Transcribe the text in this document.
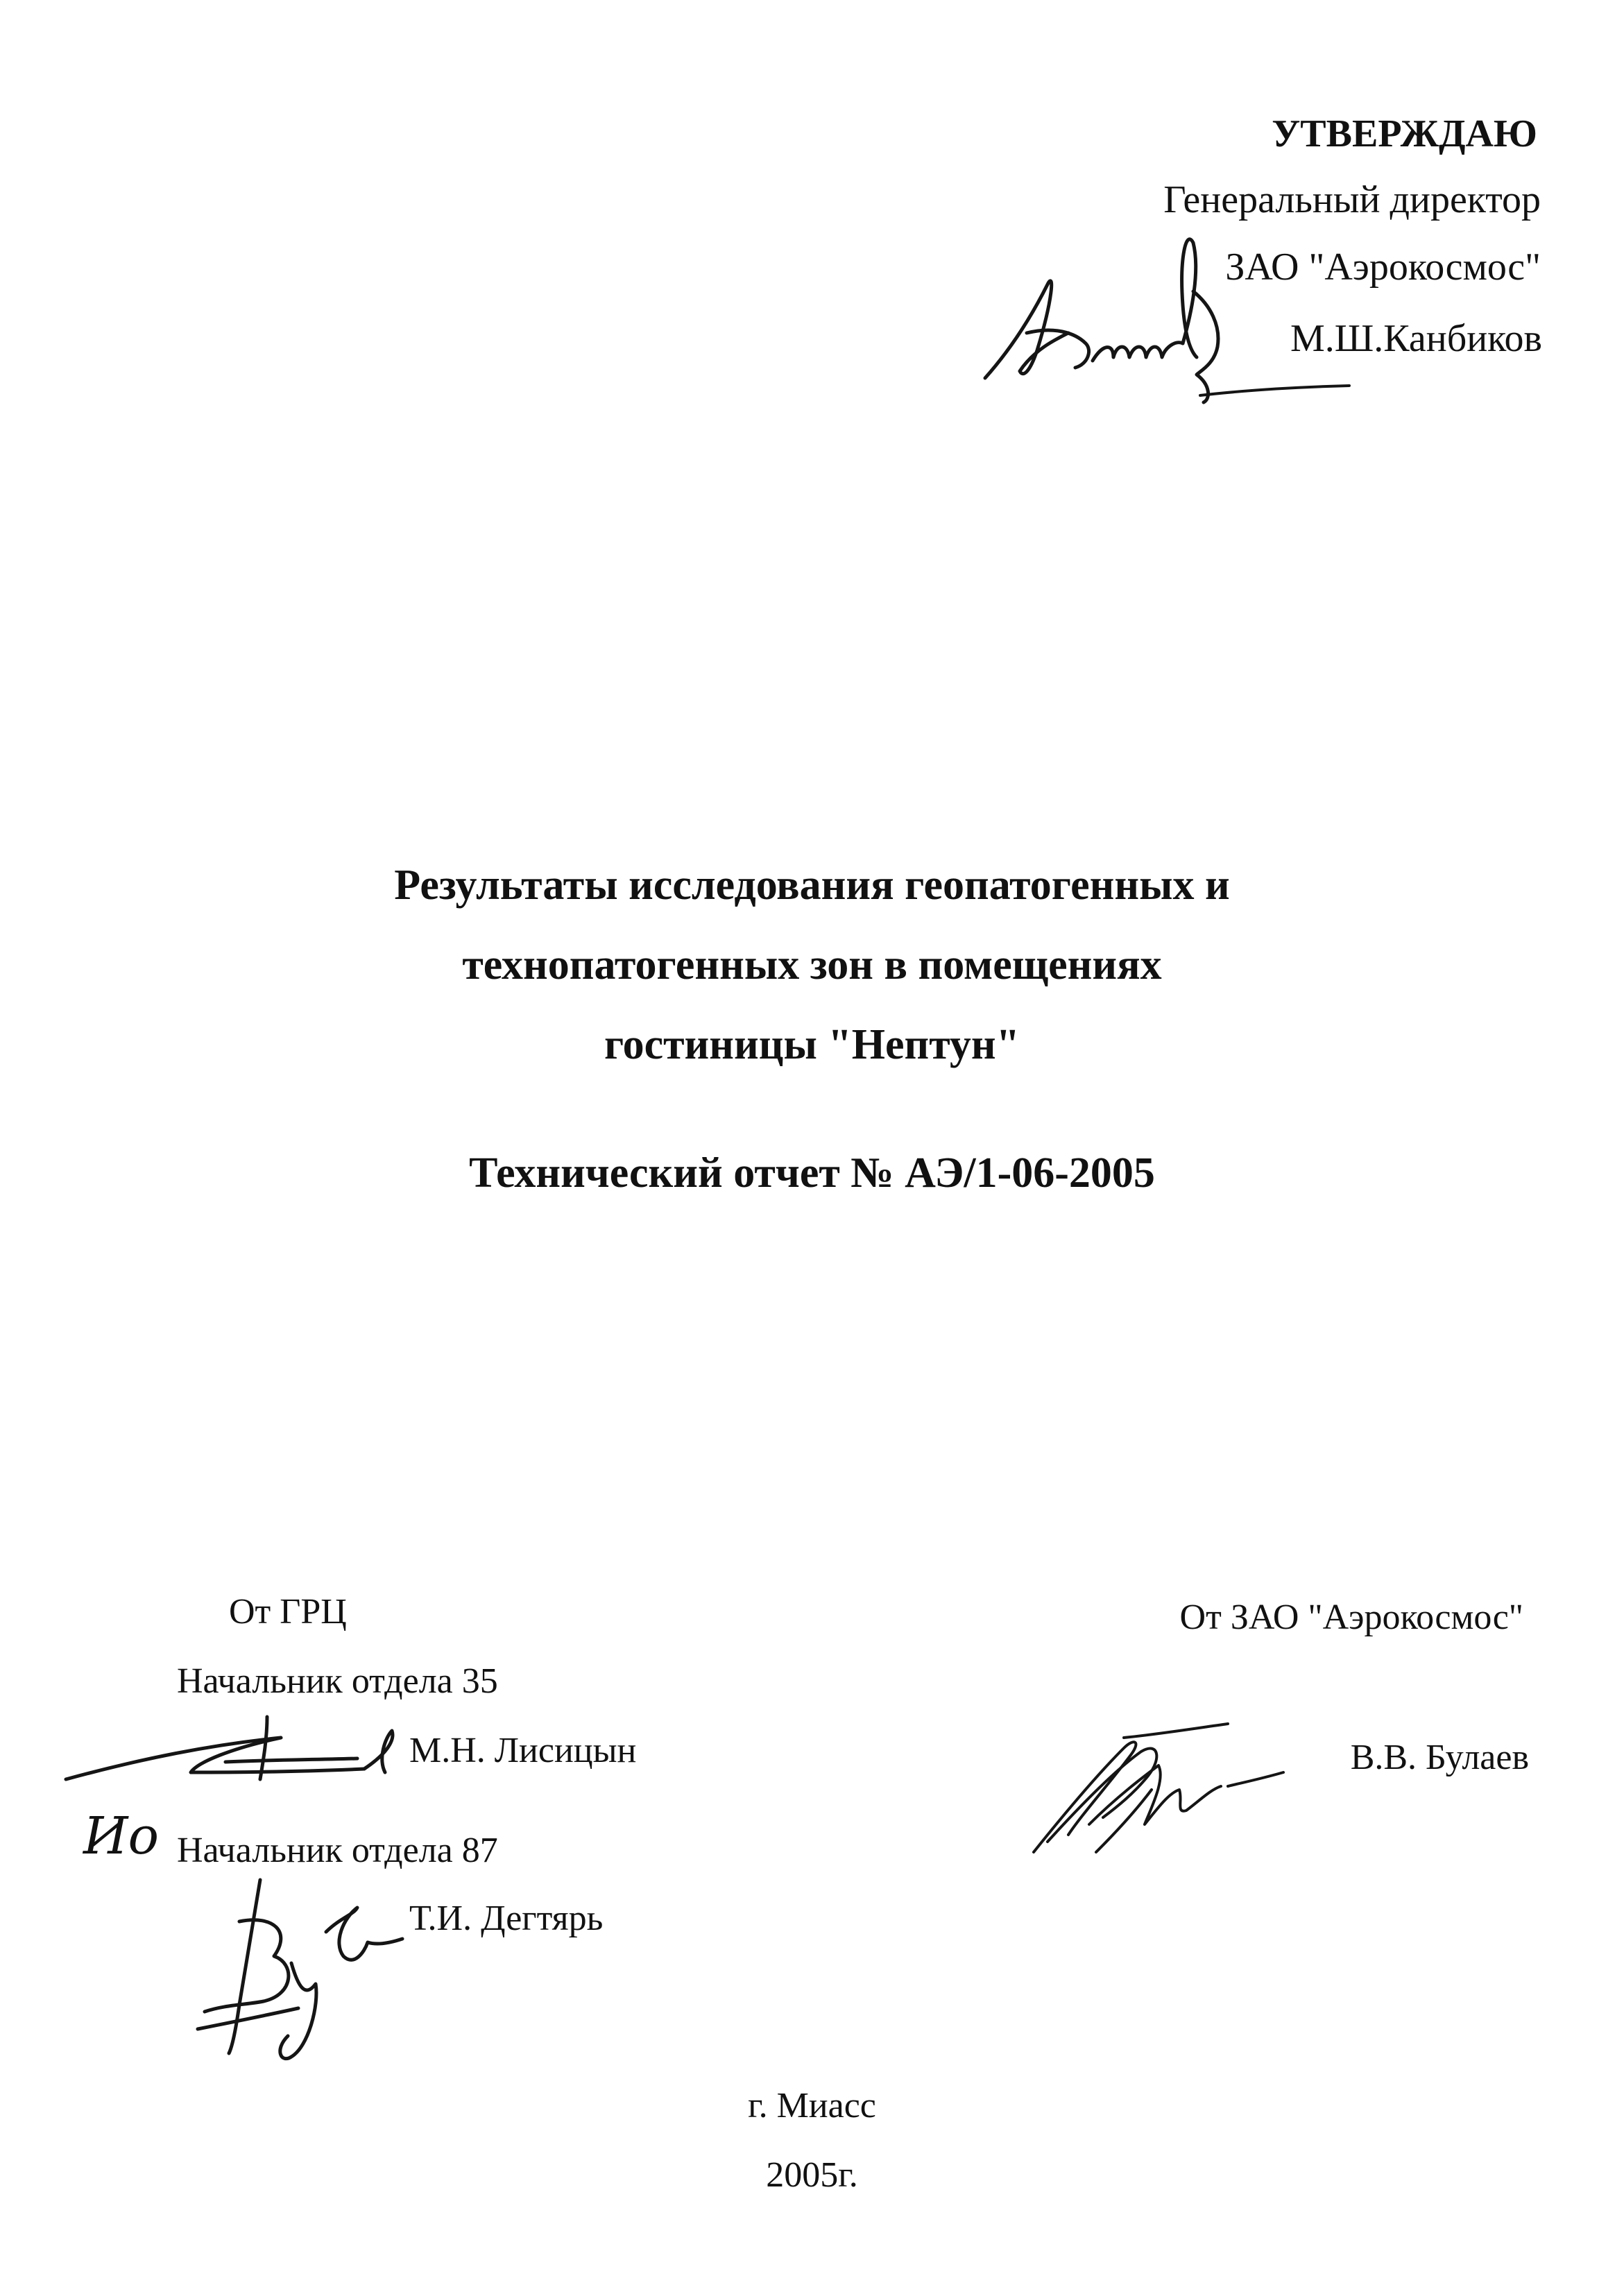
УТВЕРЖДАЮ
Генеральный директор
ЗАО "Аэрокосмос"
М.Ш.Канбиков
Результаты исследования геопатогенных и
технопатогенных зон в помещениях
гостиницы "Нептун"
Технический отчет № АЭ/1-06-2005
От ГРЦ
Начальник отдела 35
М.Н. Лисицын
Ио Начальник отдела 87
Т.И. Дегтярь
От ЗАО "Аэрокосмос"
В.В. Булаев
г. Миасс
2005г.
